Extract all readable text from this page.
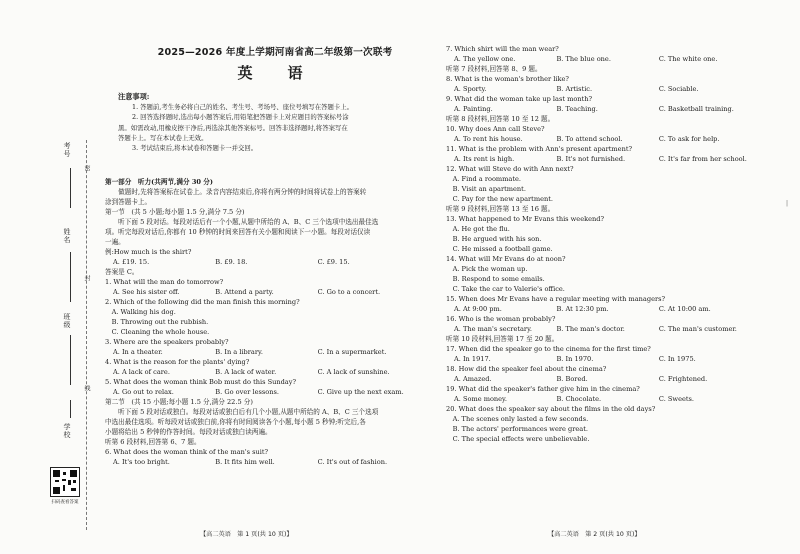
考号
姓名
班级
学校
密
封
线
扫码查看答案
2025—2026 年度上学期河南省高二年级第一次联考
英　语
注意事项:
1. 答题前,考生务必将自己的姓名、考生号、考场号、座位号填写在答题卡上。
2. 回答选择题时,选出每小题答案后,用铅笔把答题卡上对应题目的答案标号涂
黑。如需改动,用橡皮擦干净后,再选涂其他答案标号。回答非选择题时,将答案写在
答题卡上。写在本试卷上无效。
3. 考试结束后,将本试卷和答题卡一并交回。
第一部分　听力(共两节,满分 30 分)
　　做题时,先将答案标在试卷上。录音内容结束后,你将有两分钟的时间将试卷上的答案转
涂到答题卡上。
第一节　(共 5 小题;每小题 1.5 分,满分 7.5 分)
　　听下面 5 段对话。每段对话后有一个小题,从题中所给的 A、B、C 三个选项中选出最佳选
项。听完每段对话后,你都有 10 秒钟的时间来回答有关小题和阅读下一小题。每段对话仅读
一遍。
例:How much is the shirt?
A. £19. 15.	B. £9. 18.	C. £9. 15.
答案是 C。
1. What will the man do tomorrow?
A. See his sister off.	B. Attend a party.	C. Go to a concert.
2. Which of the following did the man finish this morning?
　A. Walking his dog.
　B. Throwing out the rubbish.
　C. Cleaning the whole house.
3. Where are the speakers probably?
A. In a theater.	B. In a library.	C. In a supermarket.
4. What is the reason for the plants' dying?
A. A lack of care.	B. A lack of water.	C. A lack of sunshine.
5. What does the woman think Bob must do this Sunday?
A. Go out to relax.	B. Go over lessons.	C. Give up the next exam.
第二节　(共 15 小题;每小题 1.5 分,满分 22.5 分)
　　听下面 5 段对话或独白。每段对话或独白后有几个小题,从题中所给的 A、B、C 三个选项
中选出最佳选项。听每段对话或独白前,你将有时间阅读各个小题,每小题 5 秒钟;听完后,各
小题将给出 5 秒钟的作答时间。每段对话或独白读两遍。
听第 6 段材料,回答第 6、7 题。
6. What does the woman think of the man's suit?
A. It's too bright.	B. It fits him well.	C. It's out of fashion.
7. Which shirt will the man wear?
A. The yellow one.	B. The blue one.	C. The white one.
听第 7 段材料,回答第 8、9 题。
8. What is the woman's brother like?
A. Sporty.	B. Artistic.	C. Sociable.
9. What did the woman take up last month?
A. Painting.	B. Teaching.	C. Basketball training.
听第 8 段材料,回答第 10 至 12 题。
10. Why does Ann call Steve?
A. To rent his house.	B. To attend school.	C. To ask for help.
11. What is the problem with Ann's present apartment?
A. Its rent is high.	B. It's not furnished.	C. It's far from her school.
12. What will Steve do with Ann next?
　A. Find a roommate.
　B. Visit an apartment.
　C. Pay for the new apartment.
听第 9 段材料,回答第 13 至 16 题。
13. What happened to Mr Evans this weekend?
　A. He got the flu.
　B. He argued with his son.
　C. He missed a football game.
14. What will Mr Evans do at noon?
　A. Pick the woman up.
　B. Respond to some emails.
　C. Take the car to Valerie's office.
15. When does Mr Evans have a regular meeting with managers?
A. At 9:00 pm.	B. At 12:30 pm.	C. At 10:00 am.
16. Who is the woman probably?
A. The man's secretary.	B. The man's doctor.	C. The man's customer.
听第 10 段材料,回答第 17 至 20 题。
17. When did the speaker go to the cinema for the first time?
A. In 1917.	B. In 1970.	C. In 1975.
18. How did the speaker feel about the cinema?
A. Amazed.	B. Bored.	C. Frightened.
19. What did the speaker's father give him in the cinema?
A. Some money.	B. Chocolate.	C. Sweets.
20. What does the speaker say about the films in the old days?
　A. The scenes only lasted a few seconds.
　B. The actors' performances were great.
　C. The special effects were unbelievable.
【高二英语　第 1 页(共 10 页)】	【高二英语　第 2 页(共 10 页)】
|
